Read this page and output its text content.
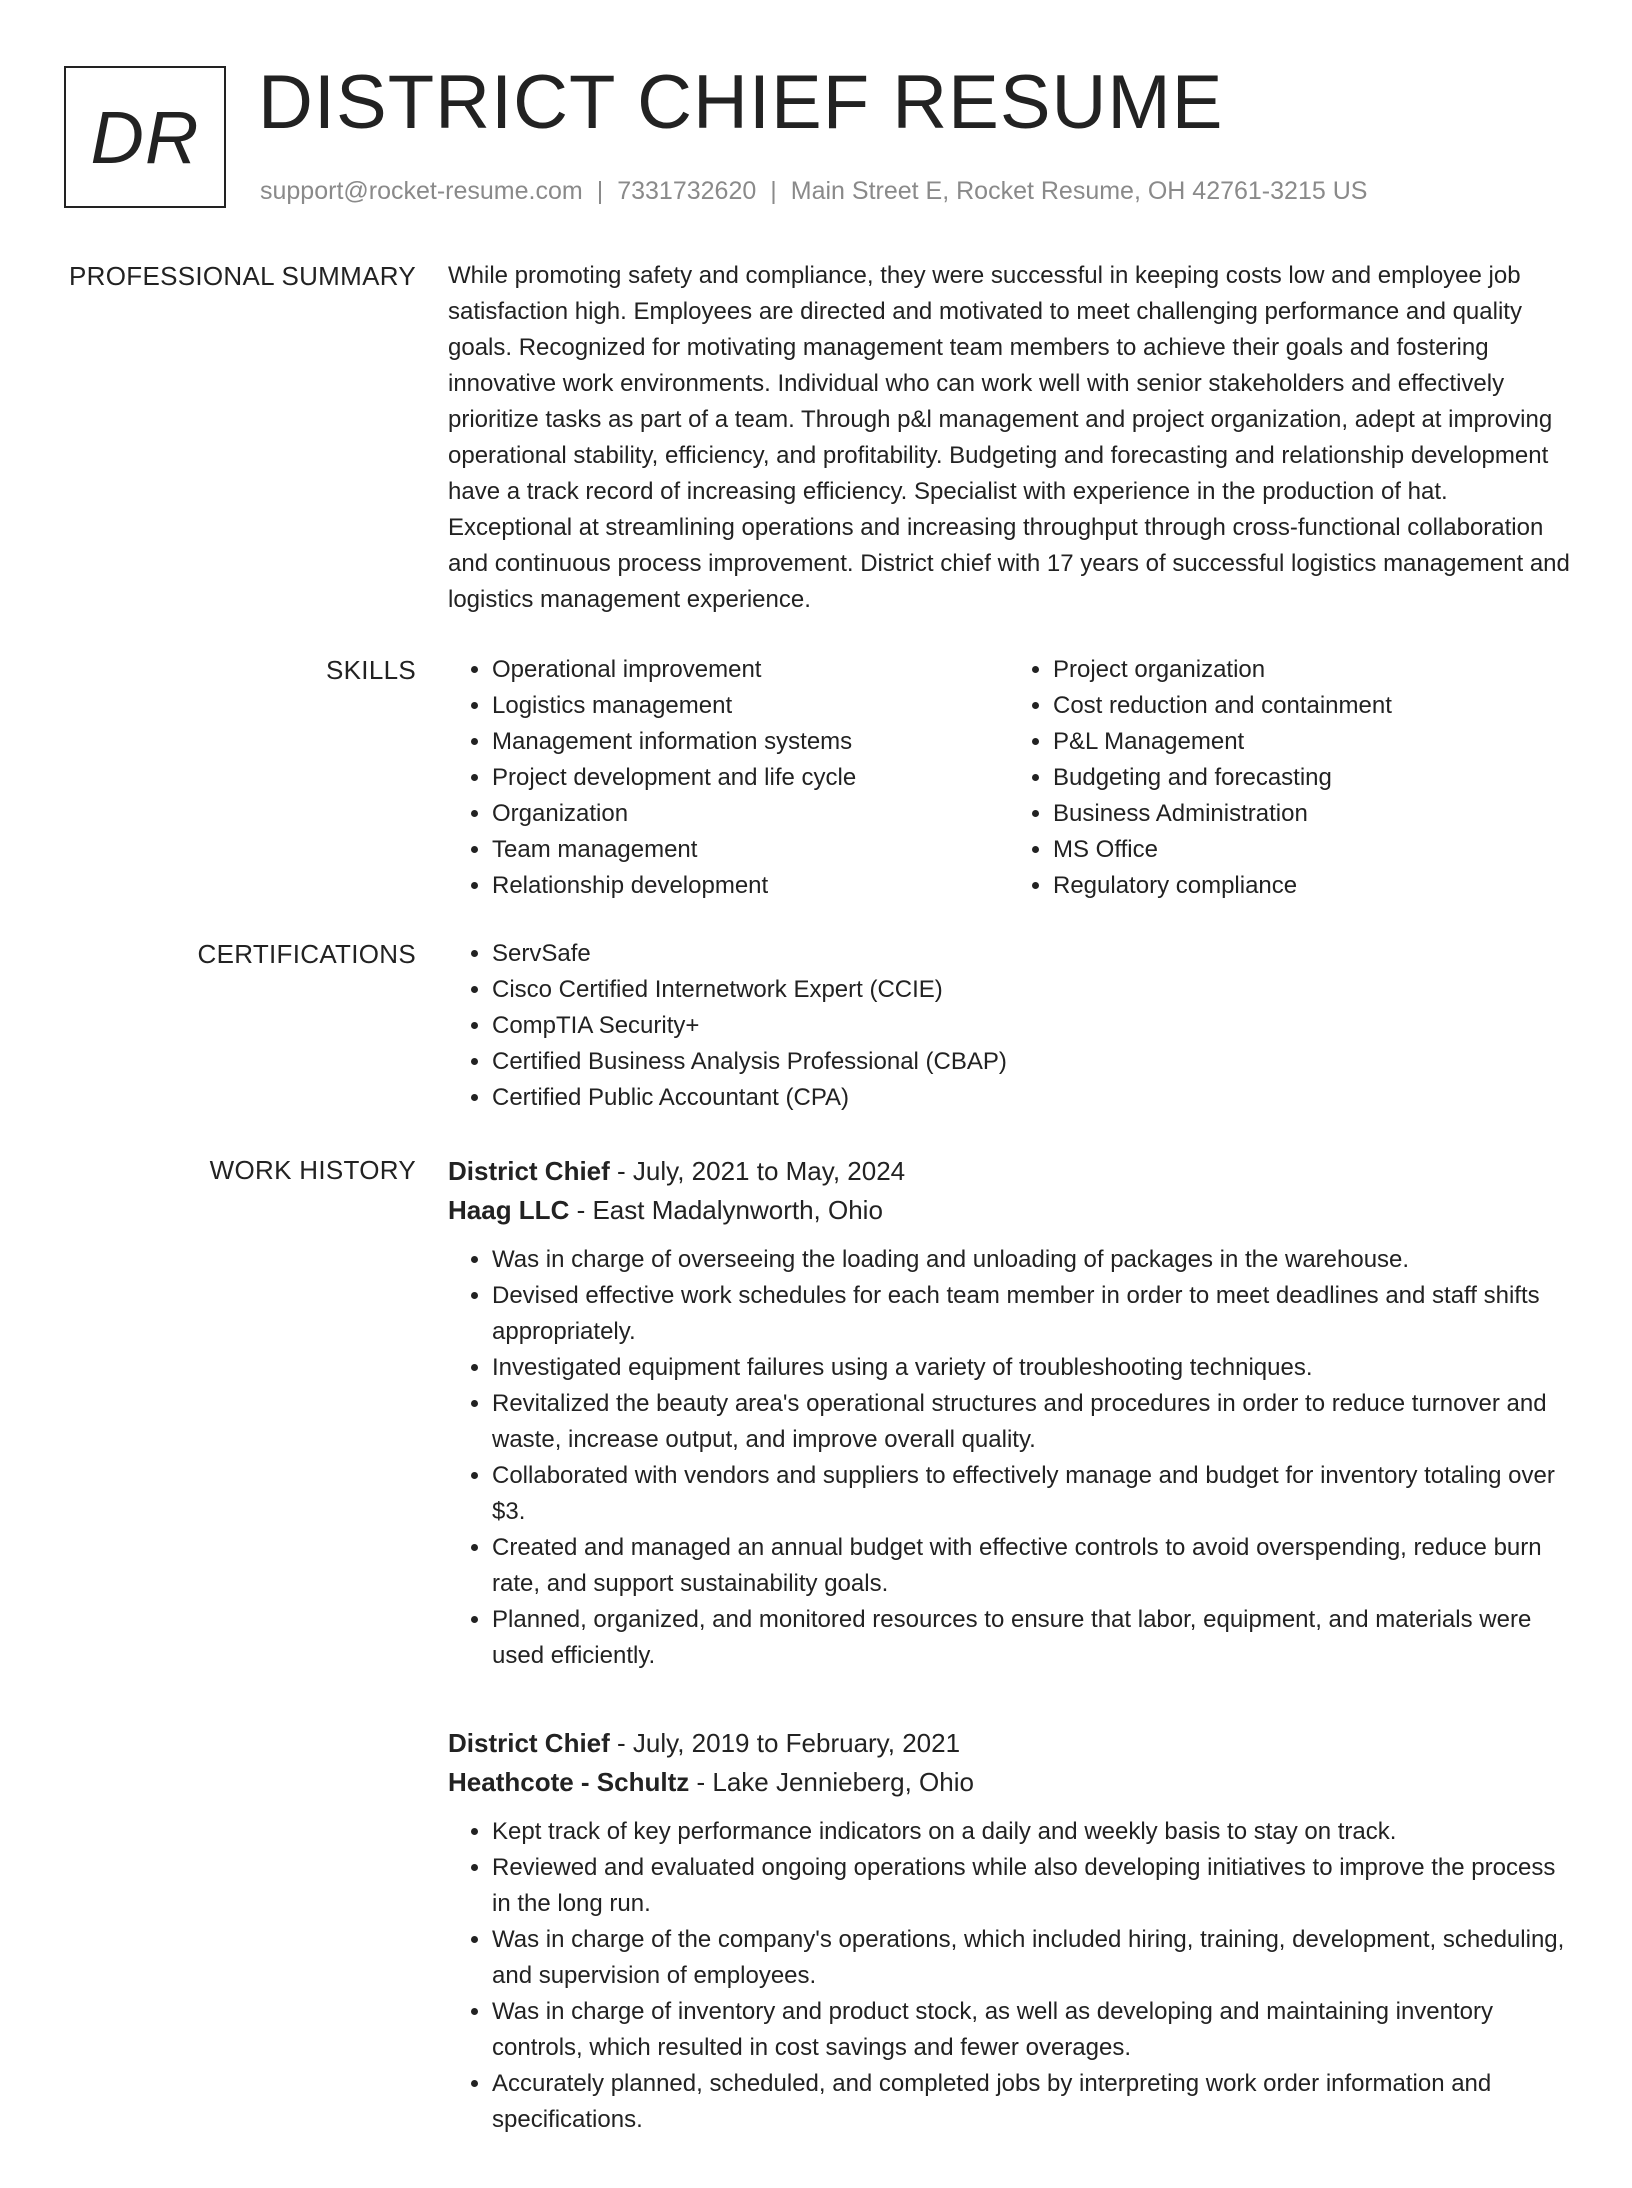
DR DISTRICT CHIEF RESUME
support@rocket-resume.com | 7331732620 | Main Street E, Rocket Resume, OH 42761-3215 US
PROFESSIONAL SUMMARY While promoting safety and compliance, they were successful in keeping costs low and employee job satisfaction high. Employees are directed and motivated to meet challenging performance and quality goals. Recognized for motivating management team members to achieve their goals and fostering innovative work environments. Individual who can work well with senior stakeholders and effectively prioritize tasks as part of a team. Through p&l management and project organization, adept at improving operational stability, efficiency, and profitability. Budgeting and forecasting and relationship development have a track record of increasing efficiency. Specialist with experience in the production of hat. Exceptional at streamlining operations and increasing throughput through cross-functional collaboration and continuous process improvement. District chief with 17 years of successful logistics management and logistics management experience.

SKILLS	• Operational improvement
• Logistics management
• Management information systems
• Project development and life cycle
• Organization
• Team management
• Relationship development
• Project organization
• Cost reduction and containment
• P&L Management
• Budgeting and forecasting
• Business Administration
• MS Office
• Regulatory compliance
CERTIFICATIONS	• ServSafe
• Cisco Certified Internetwork Expert (CCIE)
• CompTIA Security+
• Certified Business Analysis Professional (CBAP)
• Certified Public Accountant (CPA)
WORK HISTORY District Chief - July, 2021 to May, 2024
Haag LLC - East Madalynworth, Ohio
• Was in charge of overseeing the loading and unloading of packages in the warehouse.
• Devised effective work schedules for each team member in order to meet deadlines and staff shifts appropriately.
• Investigated equipment failures using a variety of troubleshooting techniques.
• Revitalized the beauty area's operational structures and procedures in order to reduce turnover and waste, increase output, and improve overall quality.
• Collaborated with vendors and suppliers to effectively manage and budget for inventory totaling over $3.
• Created and managed an annual budget with effective controls to avoid overspending, reduce burn rate, and support sustainability goals.
• Planned, organized, and monitored resources to ensure that labor, equipment, and materials were used efficiently.
District Chief - July, 2019 to February, 2021
Heathcote - Schultz - Lake Jennieberg, Ohio
• Kept track of key performance indicators on a daily and weekly basis to stay on track.
• Reviewed and evaluated ongoing operations while also developing initiatives to improve the process in the long run.
• Was in charge of the company's operations, which included hiring, training, development, scheduling, and supervision of employees.
• Was in charge of inventory and product stock, as well as developing and maintaining inventory controls, which resulted in cost savings and fewer overages.
• Accurately planned, scheduled, and completed jobs by interpreting work order information and specifications.
